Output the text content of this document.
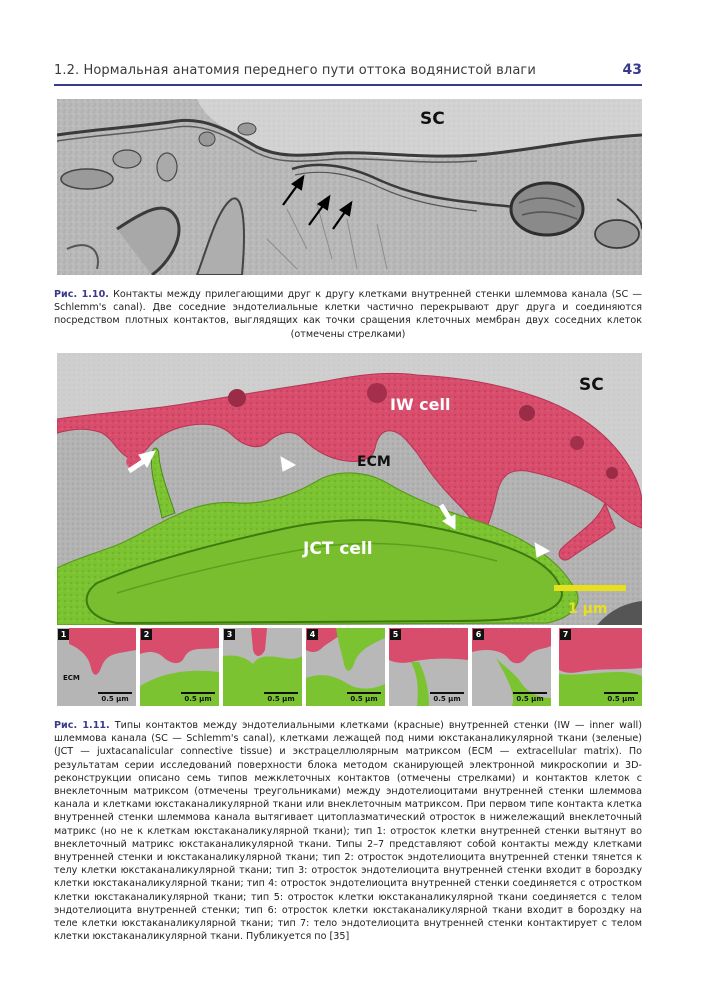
1.2. Нормальная анатомия переднего пути оттока водянистой влаги	43
SC
Рис. 1.10. Контакты между прилегающими друг к другу клетками внутренней стенки шлеммова канала (SC — Schlemm's canal). Две соседние эндотелиальные клетки частично перекрывают друг друга и соединяются посредством плотных контактов, выглядящих как точки сращения клеточных мембран двух соседних клеток (отмечены стрелками)
SC
IW cell
ECM
JCT cell
1 μm
1
ECM
0.5 μm
2
0.5 μm
3
0.5 μm
4
0.5 μm
5
0.5 μm
6
0.5 μm
7
0.5 μm
Рис. 1.11. Типы контактов между эндотелиальными клетками (красные) внутренней стенки (IW — inner wall) шлеммова канала (SC — Schlemm's canal), клетками лежащей под ними юкстаканаликулярной ткани (зеленые) (JCT — juxtacanalicular connective tissue) и экстрацеллюлярным матриксом (ECM — extracellular matrix). По результатам серии исследований поверхности блока методом сканирующей электронной микроскопии и 3D-реконструкции описано семь типов межклеточных контактов (отмечены стрелками) и контактов клеток с внеклеточным матриксом (отмечены треугольниками) между эндотелиоцитами внутренней стенки шлеммова канала и клетками юкстаканаликулярной ткани или внеклеточным матриксом. При первом типе контакта клетка внутренней стенки шлеммова канала вытягивает цитоплазматический отросток в нижележащий внеклеточный матрикс (но не к клеткам юкстаканаликулярной ткани); тип 1: отросток клетки внутренней стенки вытянут во внеклеточный матрикс юкстаканаликулярной ткани. Типы 2–7 представляют собой контакты между клетками внутренней стенки и юкстаканаликулярной ткани; тип 2: отросток эндотелиоцита внутренней стенки тянется к телу клетки юкстаканаликулярной ткани; тип 3: отросток эндотелиоцита внутренней стенки входит в бороздку клетки юкстаканаликулярной ткани; тип 4: отросток эндотелиоцита внутренней стенки соединяется с отростком клетки юкстаканаликулярной ткани; тип 5: отросток клетки юкстаканаликулярной ткани соединяется с телом эндотелиоцита внутренней стенки; тип 6: отросток клетки юкстаканаликулярной ткани входит в бороздку на теле клетки юкстаканаликулярной ткани; тип 7: тело эндотелиоцита внутренней стенки контактирует с телом клетки юкстаканаликулярной ткани. Публикуется по [35]
